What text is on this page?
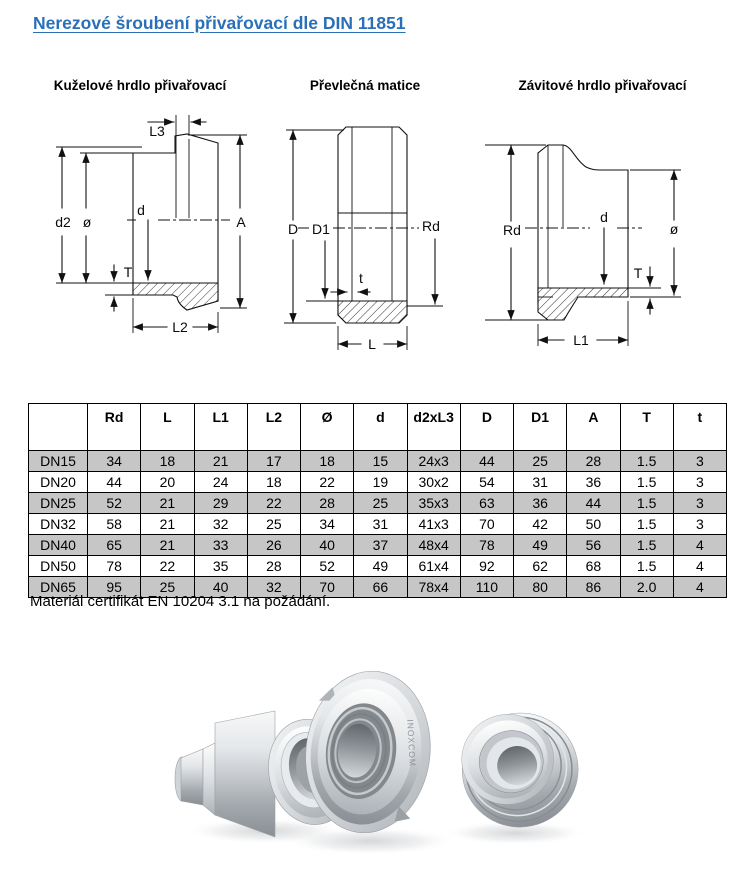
Nerezové šroubení přivařovací dle DIN 11851
Kuželové hrdlo přivařovací	Převlečná matice	Závitové hrdlo přivařovací
L3
d2 ø
d
A
T
L2
D D1
t
Rd
L
Rd
d
ø
T
L1
	Rd	L	L1	L2	Ø	d	d2xL3	D	D1	A	T	t
DN15	34	18	21	17	18	15	24x3	44	25	28	1.5	3
DN20	44	20	24	18	22	19	30x2	54	31	36	1.5	3
DN25	52	21	29	22	28	25	35x3	63	36	44	1.5	3
DN32	58	21	32	25	34	31	41x3	70	42	50	1.5	3
DN40	65	21	33	26	40	37	48x4	78	49	56	1.5	4
DN50	78	22	35	28	52	49	61x4	92	62	68	1.5	4
DN65	95	25	40	32	70	66	78x4	110	80	86	2.0	4
Materiál certifikát EN 10204 3.1 na požádání.
INOXCOM
